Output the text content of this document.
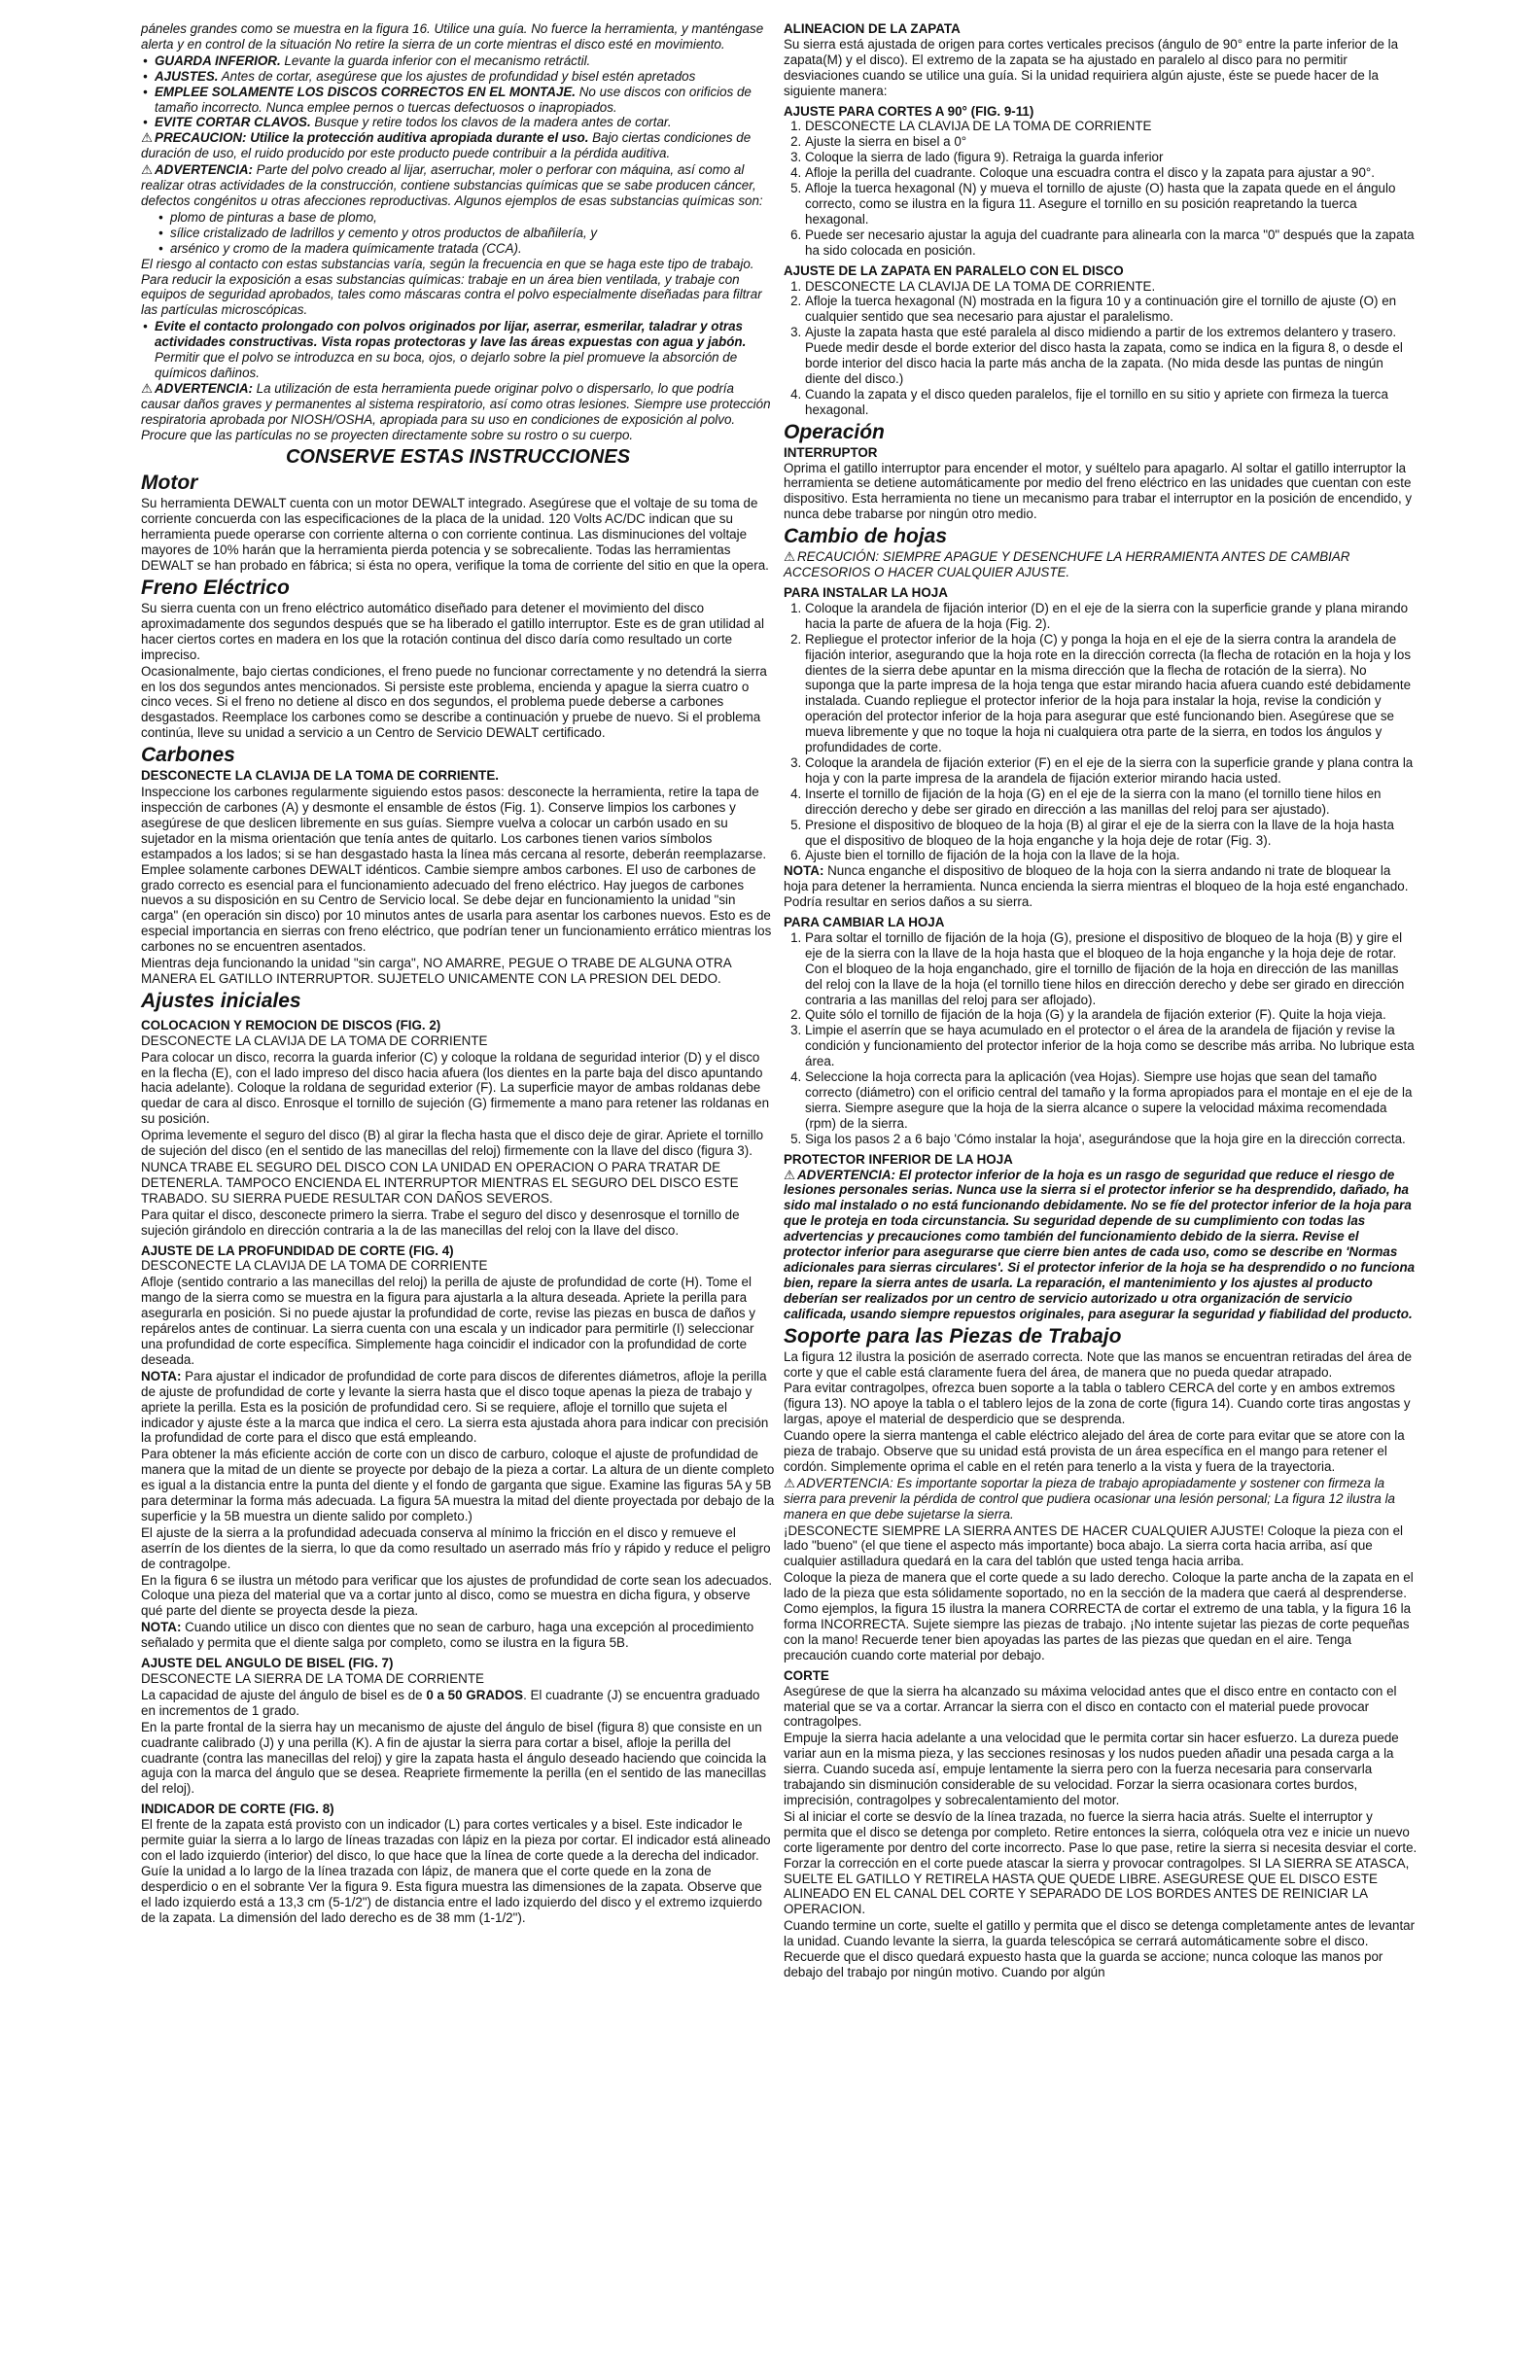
páneles grandes como se muestra en la figura 16. Utilice una guía. No fuerce la herramienta, y manténgase alerta y en control de la situación No retire la sierra de un corte mientras el disco esté en movimiento.

• GUARDA INFERIOR. Levante la guarda inferior con el mecanismo retráctil.
• AJUSTES. Antes de cortar, asegúrese que los ajustes de profundidad y bisel estén apretados
• EMPLEE SOLAMENTE LOS DISCOS CORRECTOS EN EL MONTAJE. No use discos con orificios de tamaño incorrecto. Nunca emplee pernos o tuercas defectuosos o inapropiados.
• EVITE CORTAR CLAVOS. Busque y retire todos los clavos de la madera antes de cortar.

⚠ PRECAUCION: Utilice la protección auditiva apropiada durante el uso. Bajo ciertas condiciones de duración de uso, el ruido producido por este producto puede contribuir a la pérdida auditiva.

⚠ ADVERTENCIA: Parte del polvo creado al lijar, aserruchar, moler o perforar con máquina, así como al realizar otras actividades de la construcción, contiene substancias químicas que se sabe producen cáncer, defectos congénitos u otras afecciones reproductivas. Algunos ejemplos de esas substancias químicas son:

• plomo de pinturas a base de plomo,
• sílice cristalizado de ladrillos y cemento y otros productos de albañilería, y
• arsénico y cromo de la madera químicamente tratada (CCA).

El riesgo al contacto con estas substancias varía, según la frecuencia en que se haga este tipo de trabajo. Para reducir la exposición a esas substancias químicas: trabaje en un área bien ventilada, y trabaje con equipos de seguridad aprobados, tales como máscaras contra el polvo especialmente diseñadas para filtrar las partículas microscópicas.

• Evite el contacto prolongado con polvos originados por lijar, aserrar, esmerilar, taladrar y otras actividades constructivas. Vista ropas protectoras y lave las áreas expuestas con agua y jabón. Permitir que el polvo se introduzca en su boca, ojos, o dejarlo sobre la piel promueve la absorción de químicos dañinos.

⚠ ADVERTENCIA: La utilización de esta herramienta puede originar polvo o dispersarlo, lo que podría causar daños graves y permanentes al sistema respiratorio, así como otras lesiones. Siempre use protección respiratoria aprobada por NIOSH/OSHA, apropiada para su uso en condiciones de exposición al polvo. Procure que las partículas no se proyecten directamente sobre su rostro o su cuerpo.

CONSERVE ESTAS INSTRUCCIONES
Motor

Su herramienta DEWALT cuenta con un motor DEWALT integrado. Asegúrese que el voltaje de su toma de corriente concuerda con las especificaciones de la placa de la unidad. 120 Volts AC/DC indican que su herramienta puede operarse con corriente alterna o con corriente continua. Las disminuciones del voltaje mayores de 10% harán que la herramienta pierda potencia y se sobrecaliente. Todas las herramientas DEWALT se han probado en fábrica; si ésta no opera, verifique la toma de corriente del sitio en que la opera.

Freno Eléctrico

Su sierra cuenta con un freno eléctrico automático diseñado para detener el movimiento del disco aproximadamente dos segundos después que se ha liberado el gatillo interruptor. Este es de gran utilidad al hacer ciertos cortes en madera en los que la rotación continua del disco daría como resultado un corte impreciso.

Ocasionalmente, bajo ciertas condiciones, el freno puede no funcionar correctamente y no detendrá la sierra en los dos segundos antes mencionados. Si persiste este problema, encienda y apague la sierra cuatro o cinco veces. Si el freno no detiene al disco en dos segundos, el problema puede deberse a carbones desgastados. Reemplace los carbones como se describe a continuación y pruebe de nuevo. Si el problema continúa, lleve su unidad a servicio a un Centro de Servicio DEWALT certificado.

Carbones

DESCONECTE LA CLAVIJA DE LA TOMA DE CORRIENTE.

Inspeccione los carbones regularmente siguiendo estos pasos: desconecte la herramienta, retire la tapa de inspección de carbones (A) y desmonte el ensamble de éstos (Fig. 1). Conserve limpios los carbones y asegúrese de que deslicen libremente en sus guías. Siempre vuelva a colocar un carbón usado en su sujetador en la misma orientación que tenía antes de quitarlo. Los carbones tienen varios símbolos estampados a los lados; si se han desgastado hasta la línea más cercana al resorte, deberán reemplazarse. Emplee solamente carbones DEWALT idénticos. Cambie siempre ambos carbones. El uso de carbones de grado correcto es esencial para el funcionamiento adecuado del freno eléctrico. Hay juegos de carbones nuevos a su disposición en su Centro de Servicio local. Se debe dejar en funcionamiento la unidad "sin carga" (en operación sin disco) por 10 minutos antes de usarla para asentar los carbones nuevos. Esto es de especial importancia en sierras con freno eléctrico, que podrían tener un funcionamiento errático mientras los carbones no se encuentren asentados.

Mientras deja funcionando la unidad "sin carga", NO AMARRE, PEGUE O TRABE DE ALGUNA OTRA MANERA EL GATILLO INTERRUPTOR. SUJETELO UNICAMENTE CON LA PRESION DEL DEDO.

Ajustes iniciales
COLOCACION Y REMOCION DE DISCOS (FIG. 2)

DESCONECTE LA CLAVIJA DE LA TOMA DE CORRIENTE

Para colocar un disco, recorra la guarda inferior (C) y coloque la roldana de seguridad interior (D) y el disco en la flecha (E), con el lado impreso del disco hacia afuera (los dientes en la parte baja del disco apuntando hacia adelante). Coloque la roldana de seguridad exterior (F). La superficie mayor de ambas roldanas debe quedar de cara al disco. Enrosque el tornillo de sujeción (G) firmemente a mano para retener las roldanas en su posición.

Oprima levemente el seguro del disco (B) al girar la flecha hasta que el disco deje de girar. Apriete el tornillo de sujeción del disco (en el sentido de las manecillas del reloj) firmemente con la llave del disco (figura 3).

NUNCA TRABE EL SEGURO DEL DISCO CON LA UNIDAD EN OPERACION O PARA TRATAR DE DETENERLA. TAMPOCO ENCIENDA EL INTERRUPTOR MIENTRAS EL SEGURO DEL DISCO ESTE TRABADO. SU SIERRA PUEDE RESULTAR CON DAÑOS SEVEROS.

Para quitar el disco, desconecte primero la sierra. Trabe el seguro del disco y desenrosque el tornillo de sujeción girándolo en dirección contraria a la de las manecillas del reloj con la llave del disco.

AJUSTE DE LA PROFUNDIDAD DE CORTE (FIG. 4)

DESCONECTE LA CLAVIJA DE LA TOMA DE CORRIENTE

Afloje (sentido contrario a las manecillas del reloj) la perilla de ajuste de profundidad de corte (H). Tome el mango de la sierra como se muestra en la figura para ajustarla a la altura deseada. Apriete la perilla para asegurarla en posición. Si no puede ajustar la profundidad de corte, revise las piezas en busca de daños y repárelos antes de continuar. La sierra cuenta con una escala y un indicador para permitirle (I) seleccionar una profundidad de corte específica. Simplemente haga coincidir el indicador con la profundidad de corte deseada.

NOTA: Para ajustar el indicador de profundidad de corte para discos de diferentes diámetros, afloje la perilla de ajuste de profundidad de corte y levante la sierra hasta que el disco toque apenas la pieza de trabajo y apriete la perilla. Esta es la posición de profundidad cero. Si se requiere, afloje el tornillo que sujeta el indicador y ajuste éste a la marca que indica el cero. La sierra esta ajustada ahora para indicar con precisión la profundidad de corte para el disco que está empleando.

Para obtener la más eficiente acción de corte con un disco de carburo, coloque el ajuste de profundidad de manera que la mitad de un diente se proyecte por debajo de la pieza a cortar. La altura de un diente completo es igual a la distancia entre la punta del diente y el fondo de garganta que sigue. Examine las figuras 5A y 5B para determinar la forma más adecuada. La figura 5A muestra la mitad del diente proyectada por debajo de la superficie y la 5B muestra un diente salido por completo.)

El ajuste de la sierra a la profundidad adecuada conserva al mínimo la fricción en el disco y remueve el aserrín de los dientes de la sierra, lo que da como resultado un aserrado más frío y rápido y reduce el peligro de contragolpe.

En la figura 6 se ilustra un método para verificar que los ajustes de profundidad de corte sean los adecuados. Coloque una pieza del material que va a cortar junto al disco, como se muestra en dicha figura, y observe qué parte del diente se proyecta desde la pieza.

NOTA: Cuando utilice un disco con dientes que no sean de carburo, haga una excepción al procedimiento señalado y permita que el diente salga por completo, como se ilustra en la figura 5B.

AJUSTE DEL ANGULO DE BISEL (FIG. 7)

DESCONECTE LA SIERRA DE LA TOMA DE CORRIENTE

La capacidad de ajuste del ángulo de bisel es de 0 a 50 GRADOS. El cuadrante (J) se encuentra graduado en incrementos de 1 grado.

En la parte frontal de la sierra hay un mecanismo de ajuste del ángulo de bisel (figura 8) que consiste en un cuadrante calibrado (J) y una perilla (K). A fin de ajustar la sierra para cortar a bisel, afloje la perilla del cuadrante (contra las manecillas del reloj) y gire la zapata hasta el ángulo deseado haciendo que coincida la aguja con la marca del ángulo que se desea. Reapriete firmemente la perilla (en el sentido de las manecillas del reloj).

INDICADOR DE CORTE (FIG. 8)

El frente de la zapata está provisto con un indicador (L) para cortes verticales y a bisel. Este indicador le permite guiar la sierra a lo largo de líneas trazadas con lápiz en la pieza por cortar. El indicador está alineado con el lado izquierdo (interior) del disco, lo que hace que la línea de corte quede a la derecha del indicador. Guíe la unidad a lo largo de la línea trazada con lápiz, de manera que el corte quede en la zona de desperdicio o en el sobrante Ver la figura 9. Esta figura muestra las dimensiones de la zapata. Observe que el lado izquierdo está a 13,3 cm (5-1/2") de distancia entre el lado izquierdo del disco y el extremo izquierdo de la zapata. La dimensión del lado derecho es de 38 mm (1-1/2").

ALINEACION DE LA ZAPATA

Su sierra está ajustada de origen para cortes verticales precisos (ángulo de 90° entre la parte inferior de la zapata(M) y el disco). El extremo de la zapata se ha ajustado en paralelo al disco para no permitir desviaciones cuando se utilice una guía. Si la unidad requiriera algún ajuste, éste se puede hacer de la siguiente manera:

AJUSTE PARA CORTES A 90° (FIG. 9-11)
1. DESCONECTE LA CLAVIJA DE LA TOMA DE CORRIENTE
2. Ajuste la sierra en bisel a 0°
3. Coloque la sierra de lado (figura 9). Retraiga la guarda inferior
4. Afloje la perilla del cuadrante. Coloque una escuadra contra el disco y la zapata para ajustar a 90°.
5. Afloje la tuerca hexagonal (N) y mueva el tornillo de ajuste (O) hasta que la zapata quede en el ángulo correcto, como se ilustra en la figura 11. Asegure el tornillo en su posición reapretando la tuerca hexagonal.
6. Puede ser necesario ajustar la aguja del cuadrante para alinearla con la marca "0" después que la zapata ha sido colocada en posición.
AJUSTE DE LA ZAPATA EN PARALELO CON EL DISCO
1. DESCONECTE LA CLAVIJA DE LA TOMA DE CORRIENTE.
2. Afloje la tuerca hexagonal (N) mostrada en la figura 10 y a continuación gire el tornillo de ajuste (O) en cualquier sentido que sea necesario para ajustar el paralelismo.
3. Ajuste la zapata hasta que esté paralela al disco midiendo a partir de los extremos delantero y trasero. Puede medir desde el borde exterior del disco hasta la zapata, como se indica en la figura 8, o desde el borde interior del disco hacia la parte más ancha de la zapata. (No mida desde las puntas de ningún diente del disco.)
4. Cuando la zapata y el disco queden paralelos, fije el tornillo en su sitio y apriete con firmeza la tuerca hexagonal.
Operación
INTERRUPTOR

Oprima el gatillo interruptor para encender el motor, y suéltelo para apagarlo. Al soltar el gatillo interruptor la herramienta se detiene automáticamente por medio del freno eléctrico en las unidades que cuentan con este dispositivo. Esta herramienta no tiene un mecanismo para trabar el interruptor en la posición de encendido, y nunca debe trabarse por ningún otro medio.

Cambio de hojas

⚠ RECAUCIÓN: SIEMPRE APAGUE Y DESENCHUFE LA HERRAMIENTA ANTES DE CAMBIAR ACCESORIOS O HACER CUALQUIER AJUSTE.

PARA INSTALAR LA HOJA
1. Coloque la arandela de fijación interior (D) en el eje de la sierra con la superficie grande y plana mirando hacia la parte de afuera de la hoja (Fig. 2).
2. Repliegue el protector inferior de la hoja (C) y ponga la hoja en el eje de la sierra contra la arandela de fijación interior, asegurando que la hoja rote en la dirección correcta (la flecha de rotación en la hoja y los dientes de la sierra debe apuntar en la misma dirección que la flecha de rotación de la sierra). No suponga que la parte impresa de la hoja tenga que estar mirando hacia afuera cuando esté debidamente instalada. Cuando repliegue el protector inferior de la hoja para instalar la hoja, revise la condición y operación del protector inferior de la hoja para asegurar que esté funcionando bien. Asegúrese que se mueva libremente y que no toque la hoja ni cualquiera otra parte de la sierra, en todos los ángulos y profundidades de corte.
3. Coloque la arandela de fijación exterior (F) en el eje de la sierra con la superficie grande y plana contra la hoja y con la parte impresa de la arandela de fijación exterior mirando hacia usted.
4. Inserte el tornillo de fijación de la hoja (G) en el eje de la sierra con la mano (el tornillo tiene hilos en dirección derecho y debe ser girado en dirección a las manillas del reloj para ser ajustado).
5. Presione el dispositivo de bloqueo de la hoja (B) al girar el eje de la sierra con la llave de la hoja hasta que el dispositivo de bloqueo de la hoja enganche y la hoja deje de rotar (Fig. 3).
6. Ajuste bien el tornillo de fijación de la hoja con la llave de la hoja.

NOTA: Nunca enganche el dispositivo de bloqueo de la hoja con la sierra andando ni trate de bloquear la hoja para detener la herramienta. Nunca encienda la sierra mientras el bloqueo de la hoja esté enganchado. Podría resultar en serios daños a su sierra.

PARA CAMBIAR LA HOJA
1. Para soltar el tornillo de fijación de la hoja (G), presione el dispositivo de bloqueo de la hoja (B) y gire el eje de la sierra con la llave de la hoja hasta que el bloqueo de la hoja enganche y la hoja deje de rotar. Con el bloqueo de la hoja enganchado, gire el tornillo de fijación de la hoja en dirección de las manillas del reloj con la llave de la hoja (el tornillo tiene hilos en dirección derecho y debe ser girado en dirección contraria a las manillas del reloj para ser aflojado).
2. Quite sólo el tornillo de fijación de la hoja (G) y la arandela de fijación exterior (F). Quite la hoja vieja.
3. Limpie el aserrín que se haya acumulado en el protector o el área de la arandela de fijación y revise la condición y funcionamiento del protector inferior de la hoja como se describe más arriba. No lubrique esta área.
4. Seleccione la hoja correcta para la aplicación (vea Hojas). Siempre use hojas que sean del tamaño correcto (diámetro) con el orificio central del tamaño y la forma apropiados para el montaje en el eje de la sierra. Siempre asegure que la hoja de la sierra alcance o supere la velocidad máxima recomendada (rpm) de la sierra.
5. Siga los pasos 2 a 6 bajo 'Cómo instalar la hoja', asegurándose que la hoja gire en la dirección correcta.
PROTECTOR INFERIOR DE LA HOJA

⚠ ADVERTENCIA: El protector inferior de la hoja es un rasgo de seguridad que reduce el riesgo de lesiones personales serias. Nunca use la sierra si el protector inferior se ha desprendido, dañado, ha sido mal instalado o no está funcionando debidamente. No se fíe del protector inferior de la hoja para que le proteja en toda circunstancia. Su seguridad depende de su cumplimiento con todas las advertencias y precauciones como también del funcionamiento debido de la sierra. Revise el protector inferior para asegurarse que cierre bien antes de cada uso, como se describe en 'Normas adicionales para sierras circulares'. Si el protector inferior de la hoja se ha desprendido o no funciona bien, repare la sierra antes de usarla. La reparación, el mantenimiento y los ajustes al producto deberían ser realizados por un centro de servicio autorizado u otra organización de servicio calificada, usando siempre repuestos originales, para asegurar la seguridad y fiabilidad del producto.

Soporte para las Piezas de Trabajo

La figura 12 ilustra la posición de aserrado correcta. Note que las manos se encuentran retiradas del área de corte y que el cable está claramente fuera del área, de manera que no pueda quedar atrapado.

Para evitar contragolpes, ofrezca buen soporte a la tabla o tablero CERCA del corte y en ambos extremos (figura 13). NO apoye la tabla o el tablero lejos de la zona de corte (figura 14). Cuando corte tiras angostas y largas, apoye el material de desperdicio que se desprenda.

Cuando opere la sierra mantenga el cable eléctrico alejado del área de corte para evitar que se atore con la pieza de trabajo. Observe que su unidad está provista de un área específica en el mango para retener el cordón. Simplemente oprima el cable en el retén para tenerlo a la vista y fuera de la trayectoria.

⚠ ADVERTENCIA: Es importante soportar la pieza de trabajo apropiadamente y sostener con firmeza la sierra para prevenir la pérdida de control que pudiera ocasionar una lesión personal; La figura 12 ilustra la manera en que debe sujetarse la sierra.

¡DESCONECTE SIEMPRE LA SIERRA ANTES DE HACER CUALQUIER AJUSTE! Coloque la pieza con el lado "bueno" (el que tiene el aspecto más importante) boca abajo. La sierra corta hacia arriba, así que cualquier astilladura quedará en la cara del tablón que usted tenga hacia arriba.

Coloque la pieza de manera que el corte quede a su lado derecho. Coloque la parte ancha de la zapata en el lado de la pieza que esta sólidamente soportado, no en la sección de la madera que caerá al desprenderse. Como ejemplos, la figura 15 ilustra la manera CORRECTA de cortar el extremo de una tabla, y la figura 16 la forma INCORRECTA. Sujete siempre las piezas de trabajo. ¡No intente sujetar las piezas de corte pequeñas con la mano! Recuerde tener bien apoyadas las partes de las piezas que quedan en el aire. Tenga precaución cuando corte material por debajo.

CORTE

Asegúrese de que la sierra ha alcanzado su máxima velocidad antes que el disco entre en contacto con el material que se va a cortar. Arrancar la sierra con el disco en contacto con el material puede provocar contragolpes.

Empuje la sierra hacia adelante a una velocidad que le permita cortar sin hacer esfuerzo. La dureza puede variar aun en la misma pieza, y las secciones resinosas y los nudos pueden añadir una pesada carga a la sierra. Cuando suceda así, empuje lentamente la sierra pero con la fuerza necesaria para conservarla trabajando sin disminución considerable de su velocidad. Forzar la sierra ocasionara cortes burdos, imprecisión, contragolpes y sobrecalentamiento del motor.

Si al iniciar el corte se desvío de la línea trazada, no fuerce la sierra hacia atrás. Suelte el interruptor y permita que el disco se detenga por completo. Retire entonces la sierra, colóquela otra vez e inicie un nuevo corte ligeramente por dentro del corte incorrecto. Pase lo que pase, retire la sierra si necesita desviar el corte. Forzar la corrección en el corte puede atascar la sierra y provocar contragolpes. SI LA SIERRA SE ATASCA, SUELTE EL GATILLO Y RETIRELA HASTA QUE QUEDE LIBRE. ASEGURESE QUE EL DISCO ESTE ALINEADO EN EL CANAL DEL CORTE Y SEPARADO DE LOS BORDES ANTES DE REINICIAR LA OPERACION.

Cuando termine un corte, suelte el gatillo y permita que el disco se detenga completamente antes de levantar la unidad. Cuando levante la sierra, la guarda telescópica se cerrará automáticamente sobre el disco. Recuerde que el disco quedará expuesto hasta que la guarda se accione; nunca coloque las manos por debajo del trabajo por ningún motivo. Cuando por algún
